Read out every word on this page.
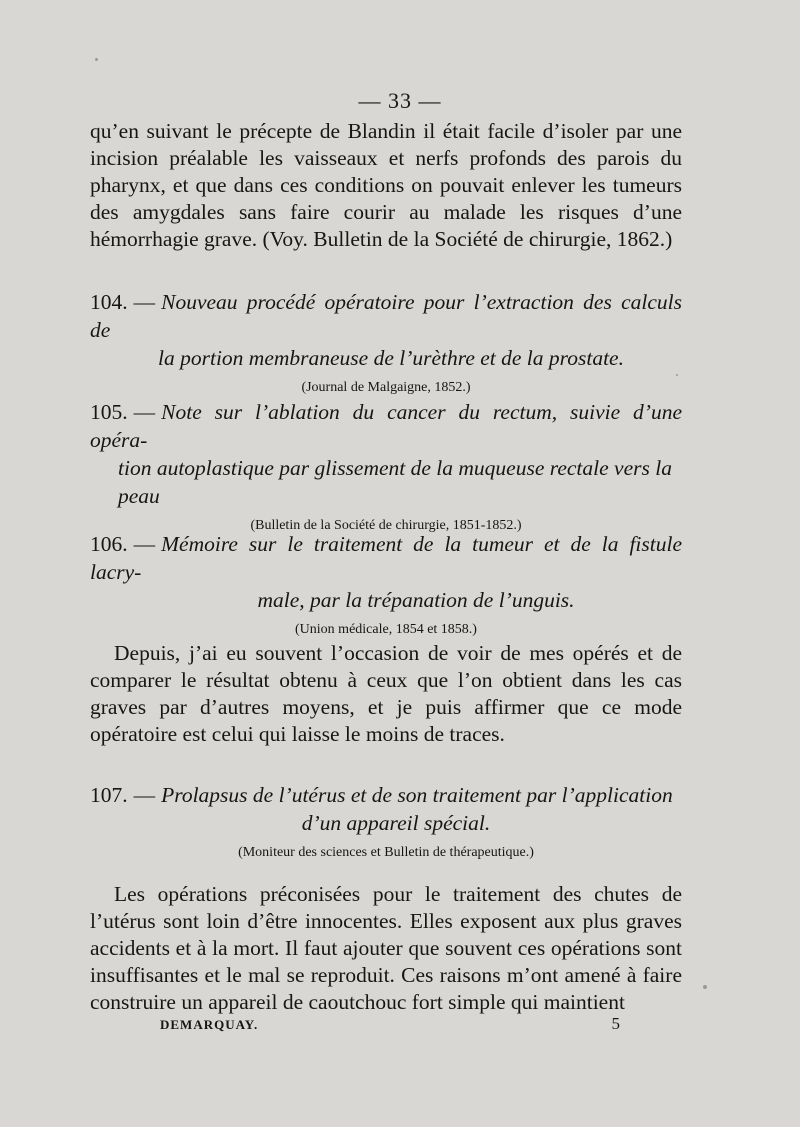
— 33 —

qu’en suivant le précepte de Blandin il était facile d’isoler par une incision préalable les vaisseaux et nerfs profonds des parois du pharynx, et que dans ces conditions on pouvait enlever les tumeurs des amygdales sans faire courir au malade les risques d’une hémorrhagie grave. (Voy. Bulletin de la Société de chirurgie, 1862.)

104. — Nouveau procédé opératoire pour l’extraction des calculs de

la portion membraneuse de l’urèthre et de la prostate.

(Journal de Malgaigne, 1852.)

105. — Note sur l’ablation du cancer du rectum, suivie d’une opéra-

tion autoplastique par glissement de la muqueuse rectale vers la

peau

(Bulletin de la Société de chirurgie, 1851-1852.)

106. — Mémoire sur le traitement de la tumeur et de la fistule lacry-

male, par la trépanation de l’unguis.

(Union médicale, 1854 et 1858.)

Depuis, j’ai eu souvent l’occasion de voir de mes opérés et de comparer le résultat obtenu à ceux que l’on obtient dans les cas graves par d’autres moyens, et je puis affirmer que ce mode opératoire est celui qui laisse le moins de traces.

107. — Prolapsus de l’utérus et de son traitement par l’application

d’un appareil spécial.

(Moniteur des sciences et Bulletin de thérapeutique.)

Les opérations préconisées pour le traitement des chutes de l’utérus sont loin d’être innocentes. Elles exposent aux plus graves accidents et à la mort. Il faut ajouter que souvent ces opérations sont insuffisantes et le mal se reproduit. Ces raisons m’ont amené à faire construire un appareil de caoutchouc fort simple qui maintient

DEMARQUAY.	5
